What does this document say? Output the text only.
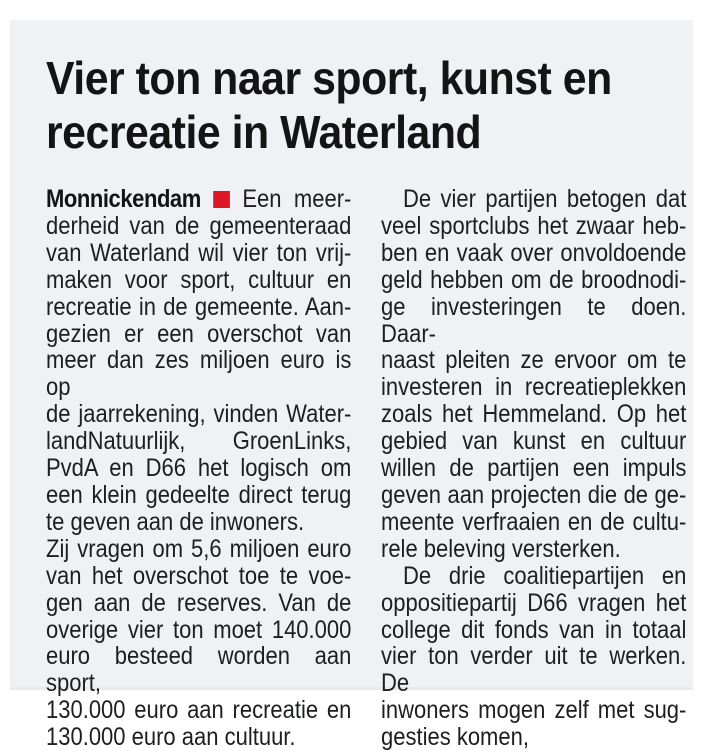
Vier ton naar sport, kunst en
recreatie in Waterland
Monnickendam  Een meer-
derheid van de gemeenteraad
van Waterland wil vier ton vrij-
maken voor sport, cultuur en
recreatie in de gemeente. Aan-
gezien er een overschot van
meer dan zes miljoen euro is op
de jaarrekening, vinden Water-
landNatuurlijk, GroenLinks,
PvdA en D66 het logisch om
een klein gedeelte direct terug
te geven aan de inwoners.
Zij vragen om 5,6 miljoen euro
van het overschot toe te voe-
gen aan de reserves. Van de
overige vier ton moet 140.000
euro besteed worden aan sport,
130.000 euro aan recreatie en
130.000 euro aan cultuur.
De vier partijen betogen dat
veel sportclubs het zwaar heb-
ben en vaak over onvoldoende
geld hebben om de broodnodi-
ge investeringen te doen. Daar-
naast pleiten ze ervoor om te
investeren in recreatieplekken
zoals het Hemmeland. Op het
gebied van kunst en cultuur
willen de partijen een impuls
geven aan projecten die de ge-
meente verfraaien en de cultu-
rele beleving versterken.
De drie coalitiepartijen en
oppositiepartij D66 vragen het
college dit fonds van in totaal
vier ton verder uit te werken. De
inwoners mogen zelf met sug-
gesties komen,
